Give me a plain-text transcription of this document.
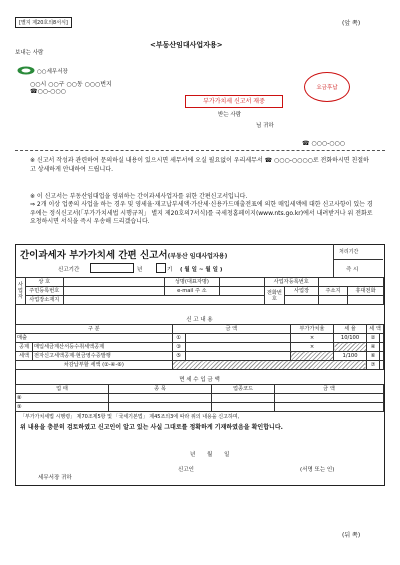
[별지 제20호의8서식]	(앞 쪽)
<부동산임대사업자용>
보내는 사람
○○세무서장
○○시 ○○구 ○○동 ○○○번지
☎○○-○○○	요금후납
부가가치세 신고서 재중
받는 사람
님 귀하
☎ ○○○-○○○
※ 신고서 작성과 관련하여 문의하실 내용이 있으시면 세무서에 오실 필요없이 우리세무서 ☎ ○○○-○○○○로 전화하시면 친절하고 상세하게 안내하여 드립니다.
※ 이 신고서는 부동산임대업을 영위하는 간이과세사업자를 위한 간편신고서입니다.
⇒ 2개 이상 업종의 사업을 하는 경우 및 영세율·재고납부세액·가산세·신용카드매출전표에 의한 매입세액에 대한 신고사항이 있는 경우에는 정식신고서(「부가가치세법 시행규칙」 별지 제20호의7서식)를 국세청홈페이지(www.nts.go.kr)에서 내려받거나 위 전화로 요청하시면 서식을 즉시 우송해 드리겠습니다.
간이과세자 부가가치세 간편 신고서(부동산 임대사업자용)
처리기간
즉 시
신고기간	년	기 ( 월 일 ~ 월 일 )
사업자	상 호		성명(대표자명)		사업자등록번호			
	주민등록번호		e-mail 주 소		전화번호	사업장	주소지	휴대전화
	사업장소재지							
신 고 내 용
구 분		금 액		부가가치율	세 율	세 액	
매출		①		×	10/100	②	
공제	매입세금계산서등수취세액공제	③		×		④	
세액	전자신고세액공제·현금영수증발행	⑤			1/100	⑥	
차감납부할 세액 (②-④-⑥)						⑦	
면 세 수 입 금 액
업 태	종 목	업종코드	금 액
⑧			
⑨			
「부가가치세법 시행령」 제70조제5항 및 「국세기본법」 제45조의3에 따라 위의 내용을 신고하며,
위 내용을 충분히 검토하였고 신고인이 알고 있는 사실 그대로를 정확하게 기재하였음을 확인합니다.
년 월 일
신고인	(서명 또는 인)
세무서장 귀하
(뒤 쪽)
